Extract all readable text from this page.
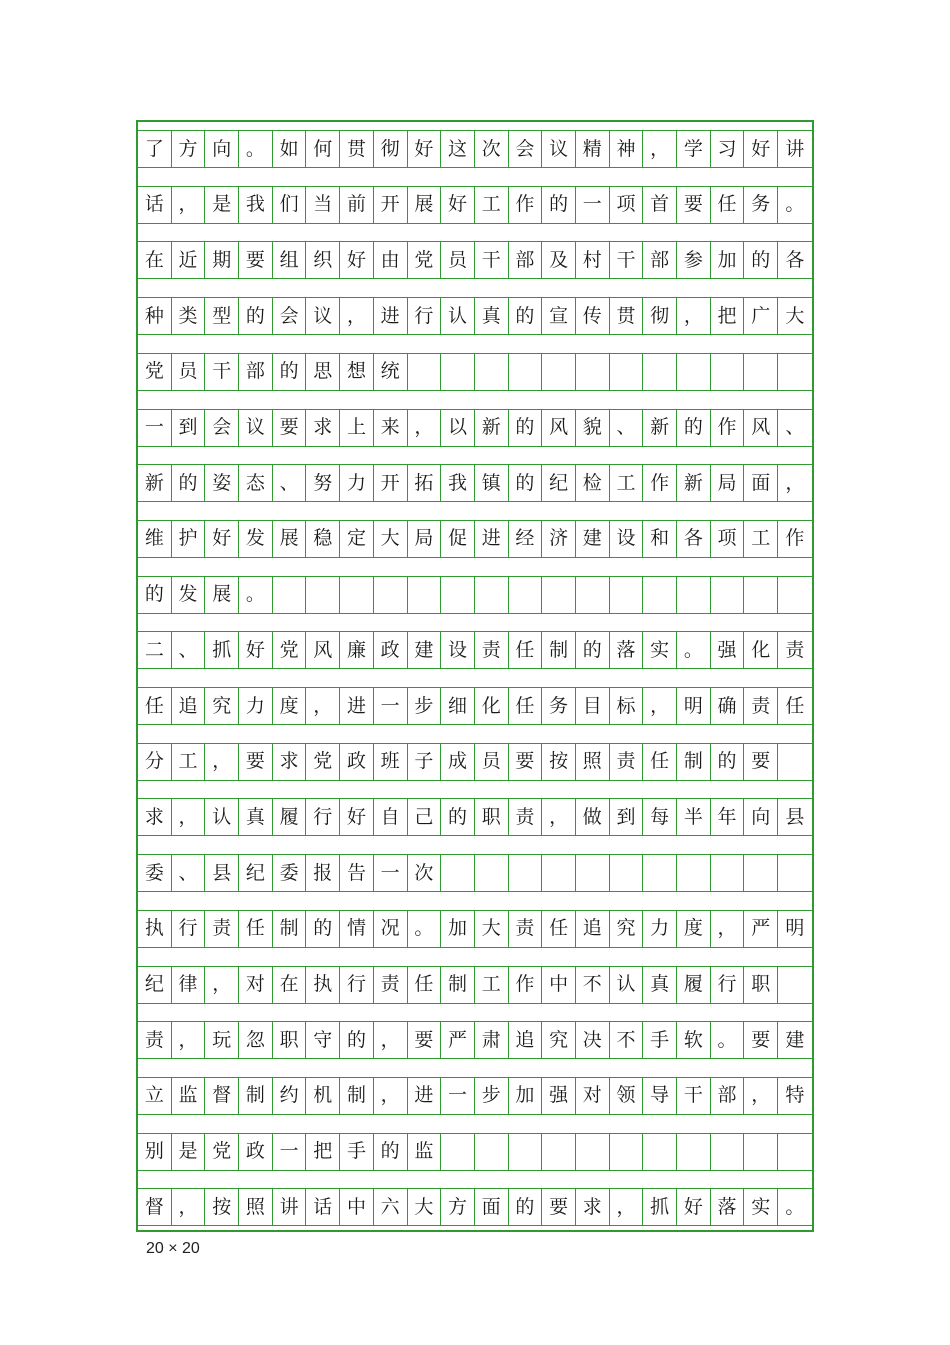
了 方 向 。 如 何 贯 彻 好 这 次 会 议 精 神 ， 学 习 好 讲
话 ， 是 我 们 当 前 开 展 好 工 作 的 一 项 首 要 任 务 。
在 近 期 要 组 织 好 由 党 员 干 部 及 村 干 部 参 加 的 各
种 类 型 的 会 议 ， 进 行 认 真 的 宣 传 贯 彻 ， 把 广 大
党 员 干 部 的 思 想 统
一 到 会 议 要 求 上 来 ， 以 新 的 风 貌 、 新 的 作 风 、
新 的 姿 态 、 努 力 开 拓 我 镇 的 纪 检 工 作 新 局 面 ，
维 护 好 发 展 稳 定 大 局 促 进 经 济 建 设 和 各 项 工 作
的 发 展 。
二 、 抓 好 党 风 廉 政 建 设 责 任 制 的 落 实 。 强 化 责
任 追 究 力 度 ， 进 一 步 细 化 任 务 目 标 ， 明 确 责 任
分 工 ， 要 求 党 政 班 子 成 员 要 按 照 责 任 制 的 要
求 ， 认 真 履 行 好 自 己 的 职 责 ， 做 到 每 半 年 向 县
委 、 县 纪 委 报 告 一 次
执 行 责 任 制 的 情 况 。 加 大 责 任 追 究 力 度 ， 严 明
纪 律 ， 对 在 执 行 责 任 制 工 作 中 不 认 真 履 行 职
责 ， 玩 忽 职 守 的 ， 要 严 肃 追 究 决 不 手 软 。 要 建
立 监 督 制 约 机 制 ， 进 一 步 加 强 对 领 导 干 部 ， 特
别 是 党 政 一 把 手 的 监
督 ， 按 照 讲 话 中 六 大 方 面 的 要 求 ， 抓 好 落 实 。
20 × 20
